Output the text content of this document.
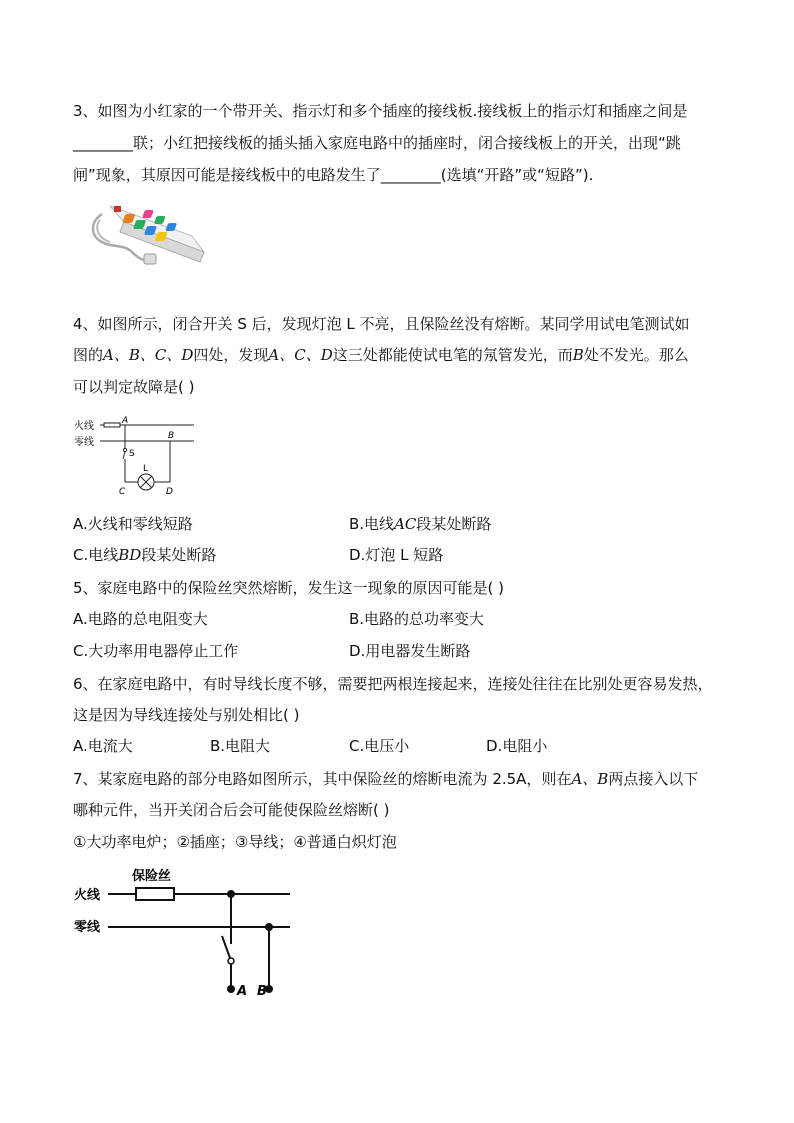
3、如图为小红家的一个带开关、指示灯和多个插座的接线板.接线板上的指示灯和插座之间是
________联；小红把接线板的插头插入家庭电路中的插座时，闭合接线板上的开关，出现“跳
闸”现象，其原因可能是接线板中的电路发生了________(选填“开路”或“短路”).
4、如图所示，闭合开关 S 后，发现灯泡 L 不亮，且保险丝没有熔断。某同学用试电笔测试如
图的A、B、C、D四处，发现A、C、D这三处都能使试电笔的氖管发光，而B处不发光。那么
可以判定故障是( )
火线
零线
A
B
S
L
C	D
A.火线和零线短路	B.电线AC段某处断路
C.电线BD段某处断路	D.灯泡 L 短路
5、家庭电路中的保险丝突然熔断，发生这一现象的原因可能是( )
A.电路的总电阻变大	B.电路的总功率变大
C.大功率用电器停止工作	D.用电器发生断路
6、在家庭电路中，有时导线长度不够，需要把两根连接起来，连接处往往在比别处更容易发热，
这是因为导线连接处与别处相比( )
A.电流大	B.电阻大	C.电压小	D.电阻小
7、某家庭电路的部分电路如图所示，其中保险丝的熔断电流为 2.5A，则在A、B两点接入以下
哪种元件，当开关闭合后会可能使保险丝熔断( )
①大功率电炉；②插座；③导线；④普通白炽灯泡
火线
零线
保险丝
A B
